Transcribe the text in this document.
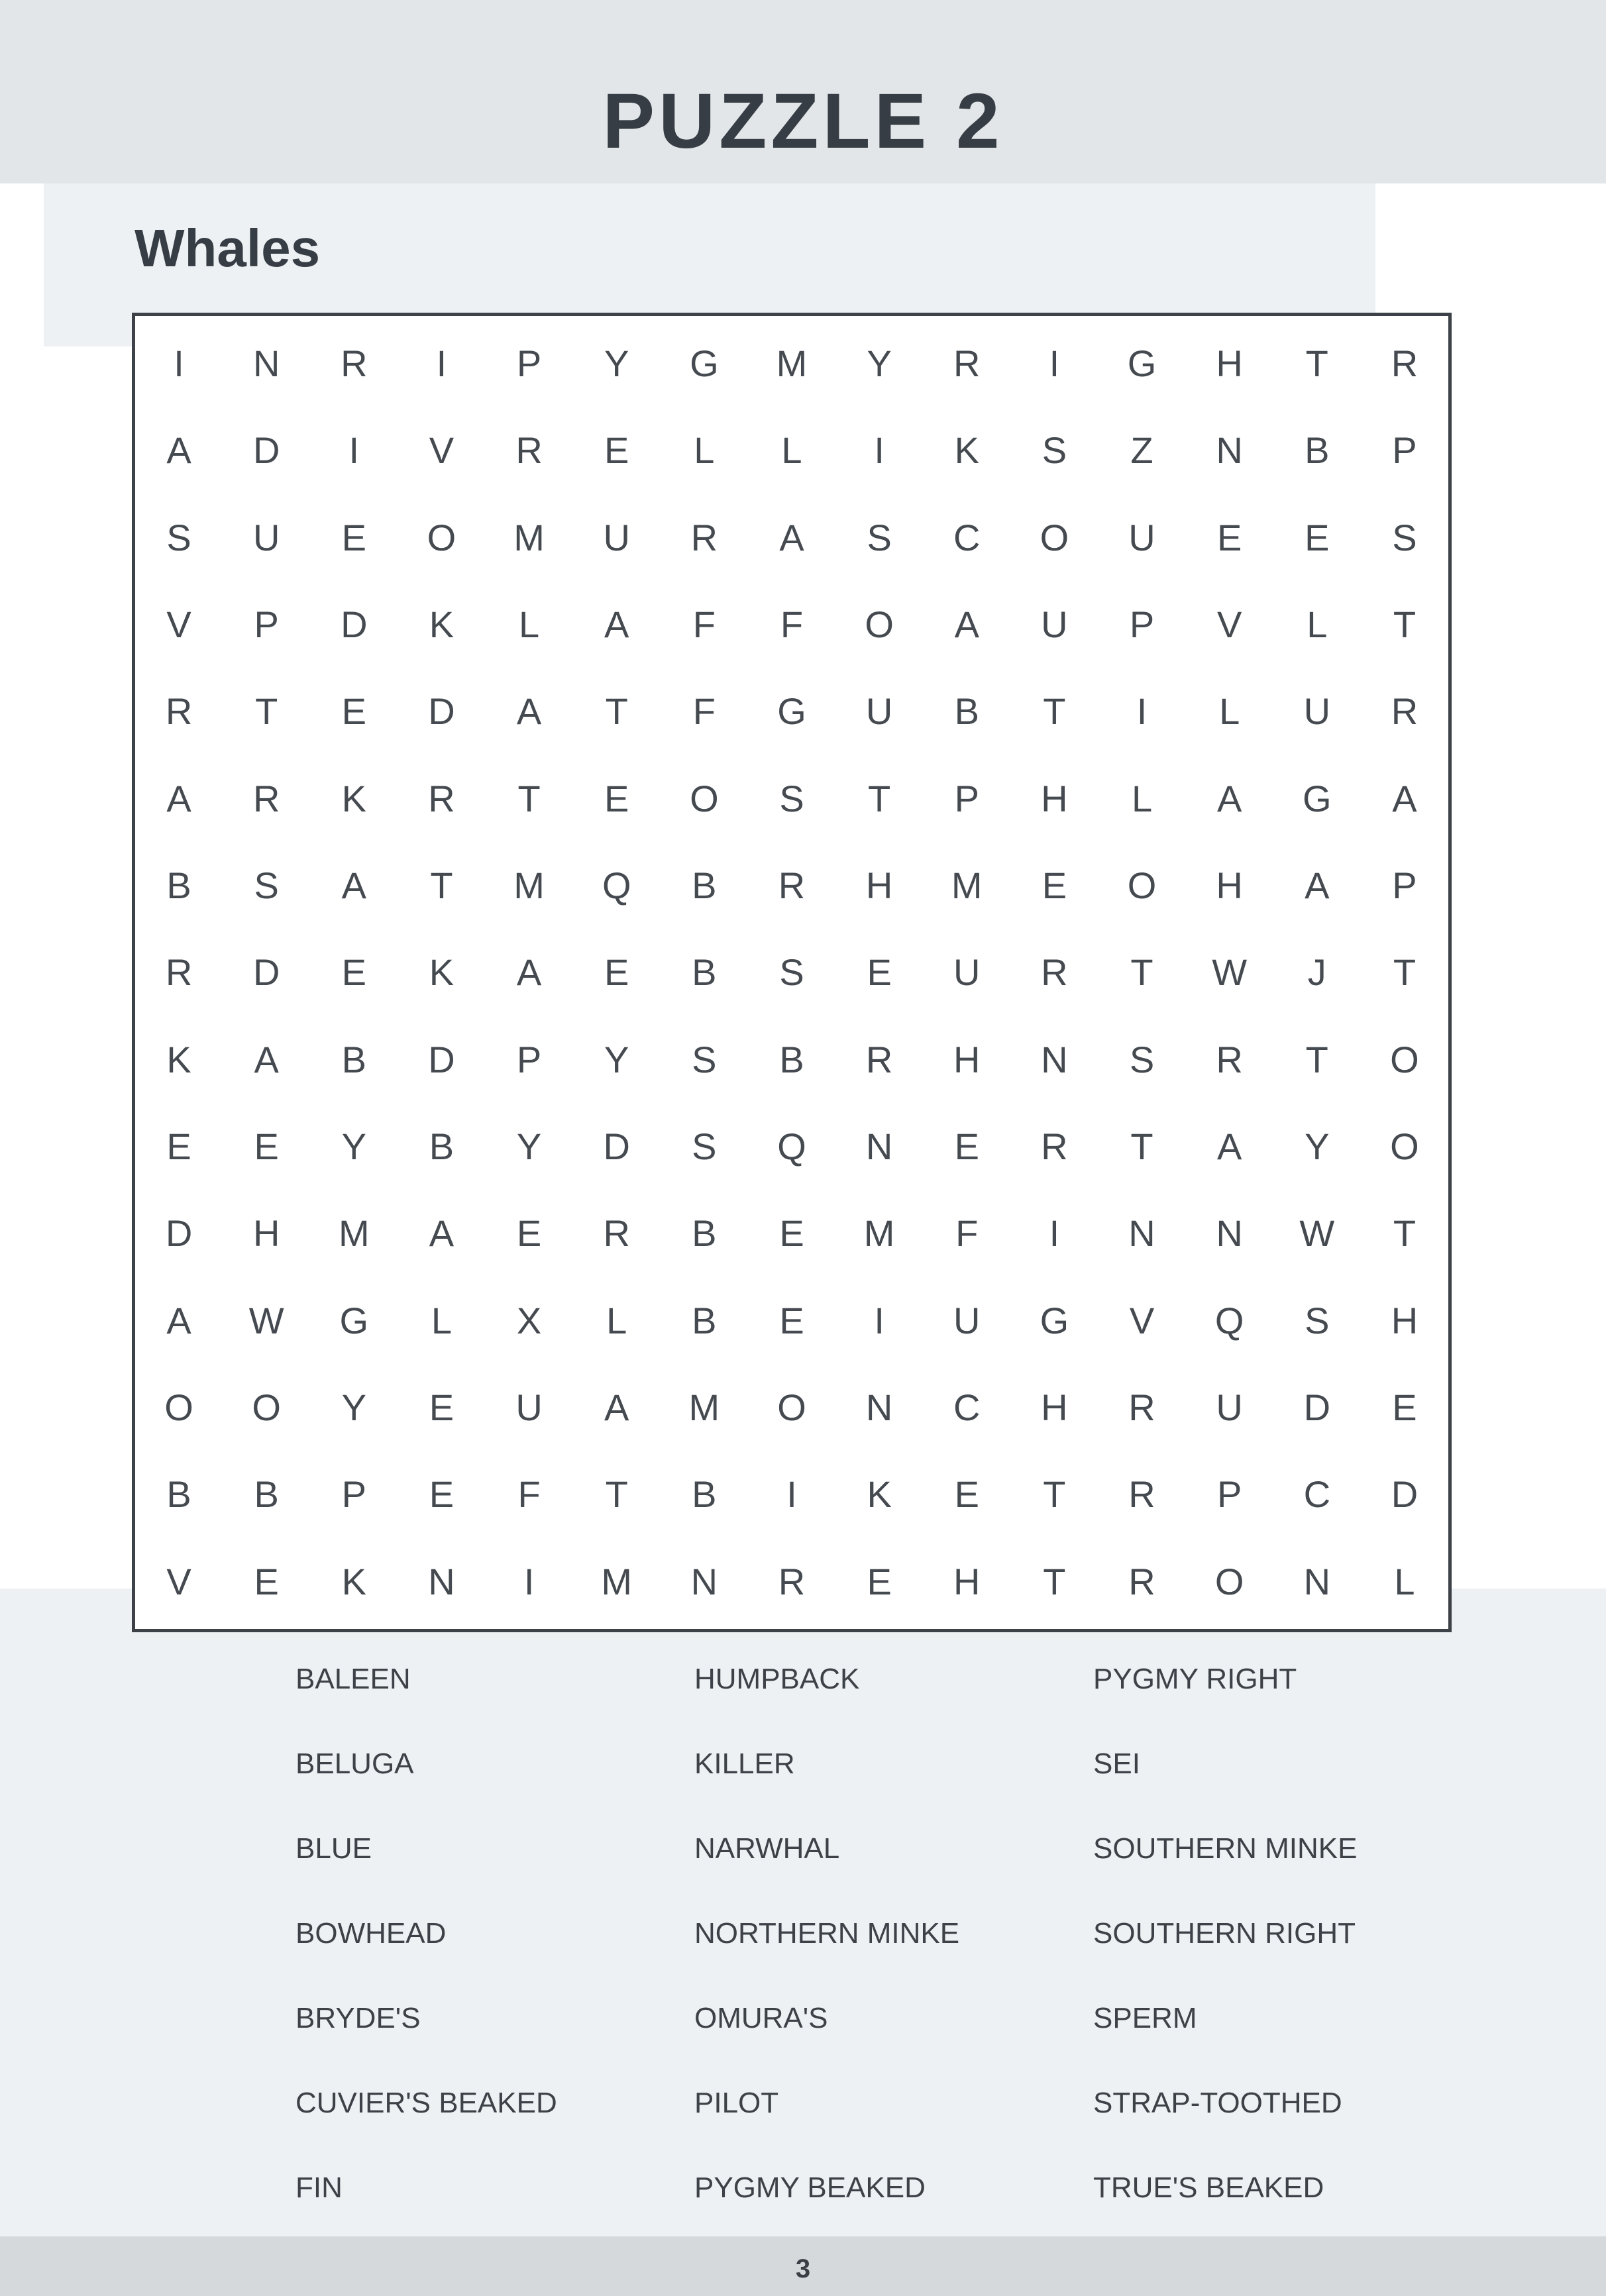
PUZZLE 2
Whales
I	N	R	I	P	Y	G	M	Y	R	I	G	H	T	R
A	D	I	V	R	E	L	L	I	K	S	Z	N	B	P
S	U	E	O	M	U	R	A	S	C	O	U	E	E	S
V	P	D	K	L	A	F	F	O	A	U	P	V	L	T
R	T	E	D	A	T	F	G	U	B	T	I	L	U	R
A	R	K	R	T	E	O	S	T	P	H	L	A	G	A
B	S	A	T	M	Q	B	R	H	M	E	O	H	A	P
R	D	E	K	A	E	B	S	E	U	R	T	W	J	T
K	A	B	D	P	Y	S	B	R	H	N	S	R	T	O
E	E	Y	B	Y	D	S	Q	N	E	R	T	A	Y	O
D	H	M	A	E	R	B	E	M	F	I	N	N	W	T
A	W	G	L	X	L	B	E	I	U	G	V	Q	S	H
O	O	Y	E	U	A	M	O	N	C	H	R	U	D	E
B	B	P	E	F	T	B	I	K	E	T	R	P	C	D
V	E	K	N	I	M	N	R	E	H	T	R	O	N	L
BALEEN
BELUGA
BLUE
BOWHEAD
BRYDE'S
CUVIER'S BEAKED
FIN
HUMPBACK
KILLER
NARWHAL
NORTHERN MINKE
OMURA'S
PILOT
PYGMY BEAKED
PYGMY RIGHT
SEI
SOUTHERN MINKE
SOUTHERN RIGHT
SPERM
STRAP-TOOTHED
TRUE'S BEAKED
3
